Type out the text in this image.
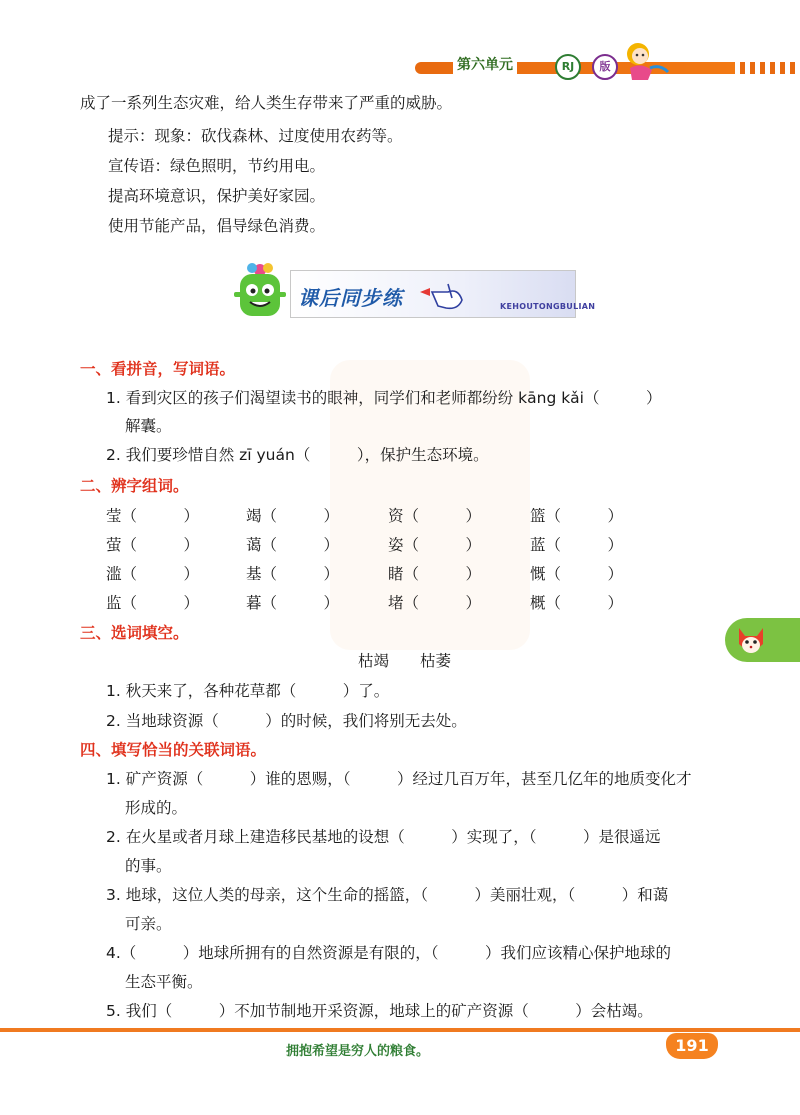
第六单元	RJ	版
成了一系列生态灾难，给人类生存带来了严重的威胁。
提示：现象：砍伐森林、过度使用农药等。
宣传语：绿色照明，节约用电。
提高环境意识，保护美好家园。
使用节能产品，倡导绿色消费。
课后同步练	KEHOUTONGBULIAN
一、看拼音，写词语。
1. 看到灾区的孩子们渴望读书的眼神，同学们和老师都纷纷 kāng kǎi（　　　）
解囊。
2. 我们要珍惜自然 zī yuán（　　　），保护生态环境。
二、辨字组词。
莹（　　　）	竭（　　　）	资（　　　）	篮（　　　）
萤（　　　）	蔼（　　　）	姿（　　　）	蓝（　　　）
滥（　　　）	基（　　　）	睹（　　　）	慨（　　　）
监（　　　）	暮（　　　）	堵（　　　）	概（　　　）
三、选词填空。
枯竭　　枯萎
1. 秋天来了，各种花草都（　　　）了。
2. 当地球资源（　　　）的时候，我们将别无去处。
四、填写恰当的关联词语。
1. 矿产资源（　　　）谁的恩赐，（　　　）经过几百万年，甚至几亿年的地质变化才
形成的。
2. 在火星或者月球上建造移民基地的设想（　　　）实现了，（　　　）是很遥远
的事。
3. 地球，这位人类的母亲，这个生命的摇篮，（　　　）美丽壮观，（　　　）和蔼
可亲。
4.（　　　）地球所拥有的自然资源是有限的，（　　　）我们应该精心保护地球的
生态平衡。
5. 我们（　　　）不加节制地开采资源，地球上的矿产资源（　　　）会枯竭。
拥抱希望是穷人的粮食。	191
